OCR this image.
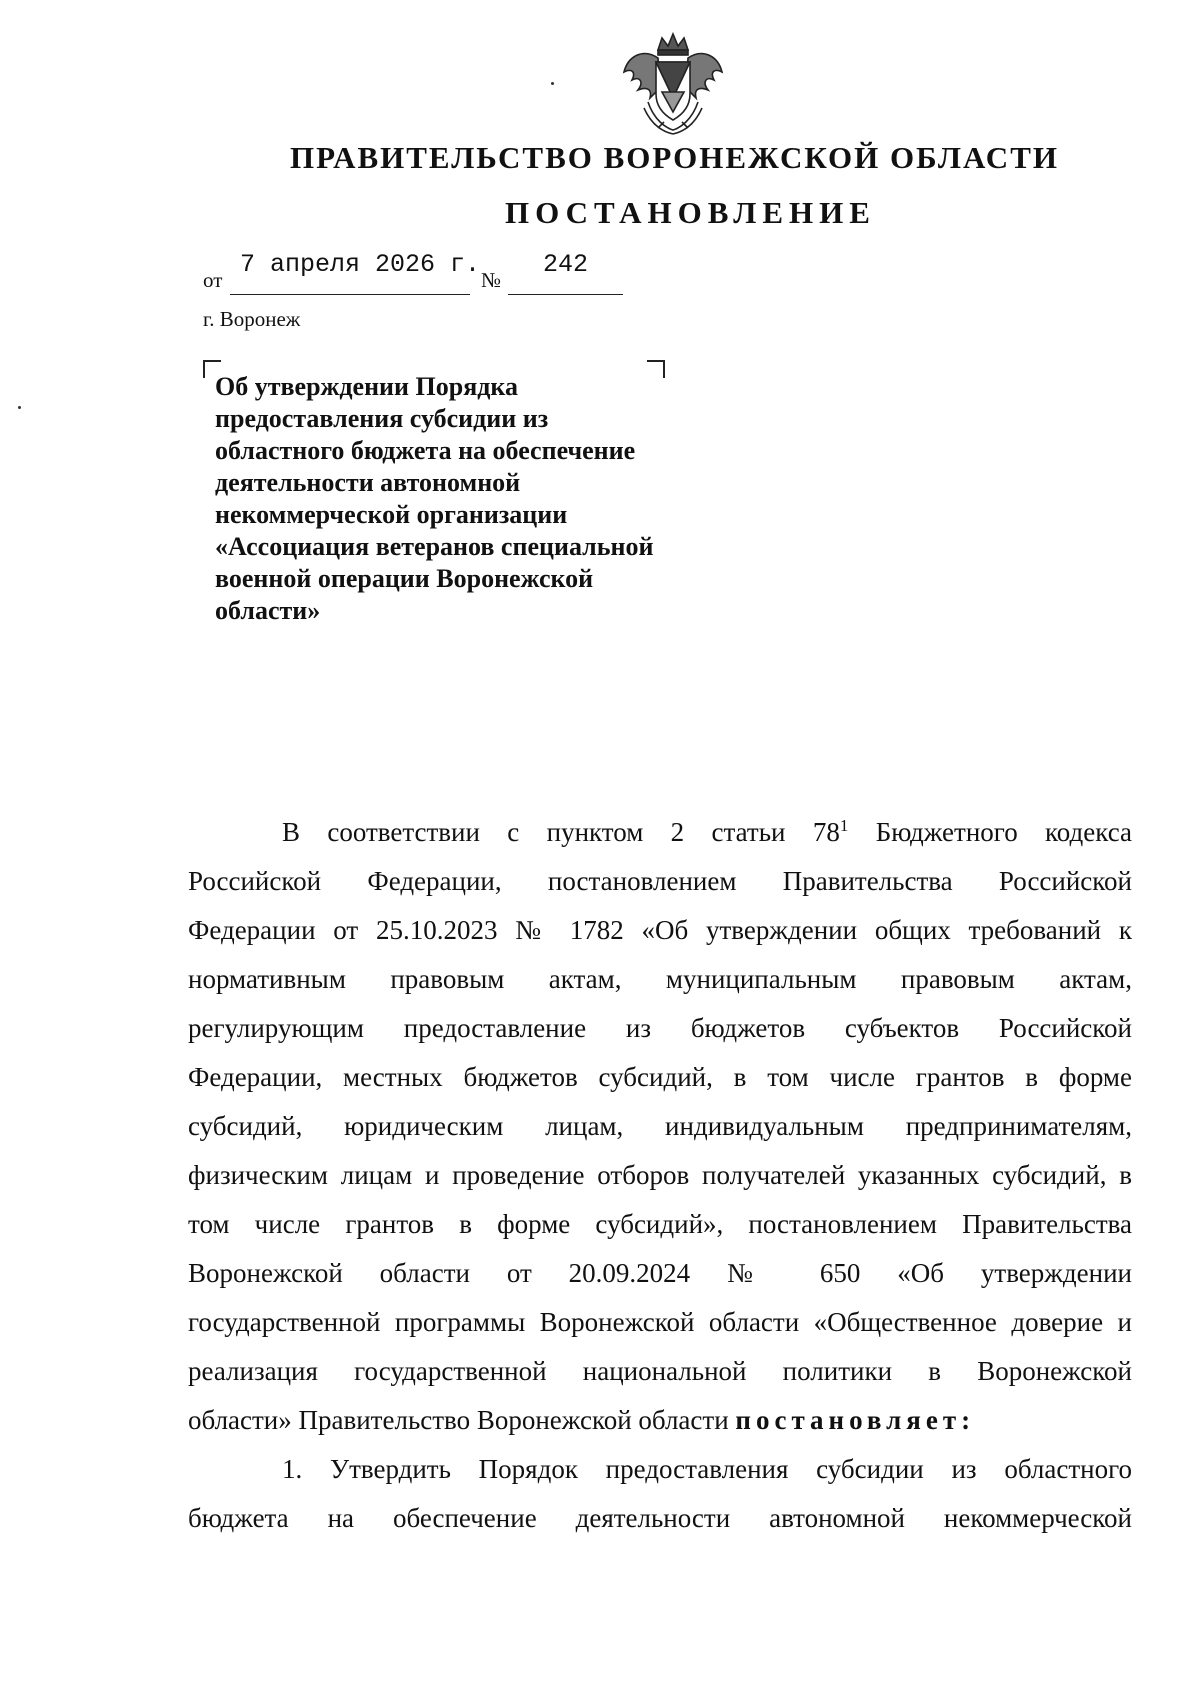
ПРАВИТЕЛЬСТВО ВОРОНЕЖСКОЙ ОБЛАСТИ
ПОСТАНОВЛЕНИЕ
от
7 апреля 2026 г.
№
242
г. Воронеж
Об утверждении Порядка
предоставления субсидии из
областного бюджета на обеспечение
деятельности автономной
некоммерческой организации
«Ассоциация ветеранов специальной
военной операции Воронежской
области»
В соответствии с пунктом 2 статьи $78^1$ Бюджетного кодекса
Российской Федерации, постановлением Правительства Российской
Федерации от 25.10.2023 № 1782 «Об утверждении общих требований к
нормативным правовым актам, муниципальным правовым актам,
регулирующим предоставление из бюджетов субъектов Российской
Федерации, местных бюджетов субсидий, в том числе грантов в форме
субсидий, юридическим лицам, индивидуальным предпринимателям,
физическим лицам и проведение отборов получателей указанных субсидий, в
том числе грантов в форме субсидий», постановлением Правительства
Воронежской области от 20.09.2024 № 650 «Об утверждении
государственной программы Воронежской области «Общественное доверие и
реализация государственной национальной политики в Воронежской
области» Правительство Воронежской области постановляет:
1. Утвердить Порядок предоставления субсидии из областного
бюджета на обеспечение деятельности автономной некоммерческой
